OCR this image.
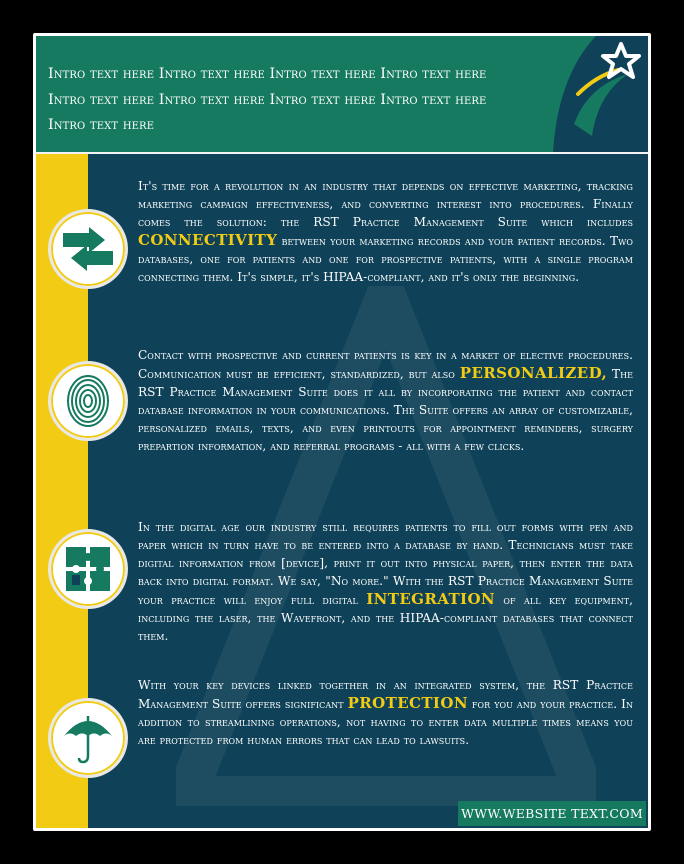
Intro text here Intro text here Intro text here Intro text here Intro text here Intro text here Intro text here Intro text here Intro text here

It's time for a revolution in an industry that depends on effective marketing, tracking marketing campaign effectiveness, and converting interest into procedures. Finally comes the solution: the RST Practice Management Suite which includes CONNECTIVITY between your marketing records and your patient records. Two databases, one for patients and one for prospective patients, with a single program connecting them. It's simple, it's HIPAA-compliant, and it's only the beginning.

Contact with prospective and current patients is key in a market of elective procedures. Communication must be efficient, standardized, but also PERSONALIZED, The RST Practice Management Suite does it all by incorporating the patient and contact database information in your communications. The Suite offers an array of customizable, personalized emails, texts, and even printouts for appointment reminders, surgery prepartion information, and referral programs - all with a few clicks.

In the digital age our industry still requires patients to fill out forms with pen and paper which in turn have to be entered into a database by hand. Technicians must take digital information from [device], print it out into physical paper, then enter the data back into digital format. We say, "No more." With the RST Practice Management Suite your practice will enjoy full digital INTEGRATION of all key equipment, including the laser, the Wavefront, and the HIPAA-compliant databases that connect them.

With your key devices linked together in an integrated system, the RST Practice Management Suite offers significant PROTECTION for you and your practice. In addition to streamlining operations, not having to enter data multiple times means you are protected from human errors that can lead to lawsuits.

WWW.WEBSITE TEXT.COM
